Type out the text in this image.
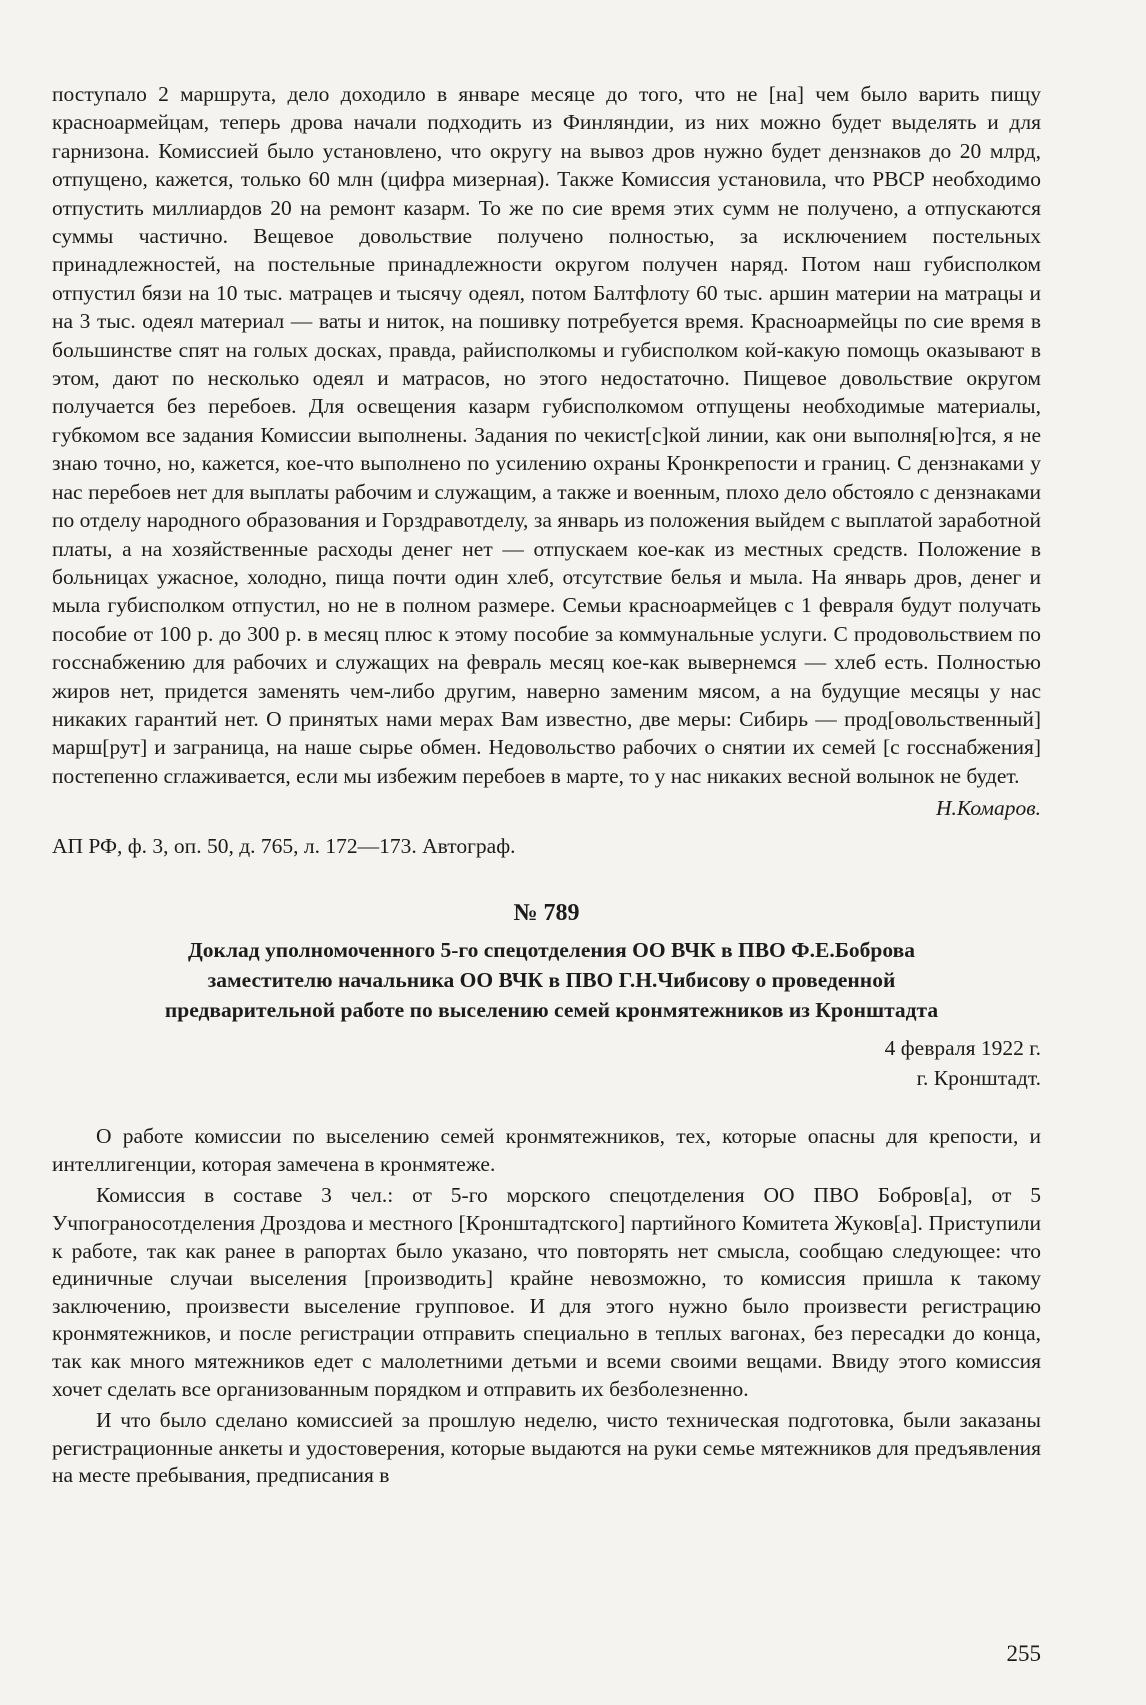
поступало 2 маршрута, дело доходило в январе месяце до того, что не [на] чем было варить пищу красноармейцам, теперь дрова начали подходить из Финляндии, из них можно будет выделять и для гарнизона. Комиссией было установлено, что округу на вывоз дров нужно будет дензнаков до 20 млрд, отпущено, кажется, только 60 млн (цифра мизерная). Также Комиссия установила, что РВСР необходимо отпустить миллиардов 20 на ремонт казарм. То же по сие время этих сумм не получено, а отпускаются суммы частично. Вещевое довольствие получено полностью, за исключением постельных принадлежностей, на постельные принадлежности округом получен наряд. Потом наш губисполком отпустил бязи на 10 тыс. матрацев и тысячу одеял, потом Балтфлоту 60 тыс. аршин материи на матрацы и на 3 тыс. одеял материал — ваты и ниток, на пошивку потребуется время. Красноармейцы по сие время в большинстве спят на голых досках, правда, райисполкомы и губисполком кой-какую помощь оказывают в этом, дают по несколько одеял и матрасов, но этого недостаточно. Пищевое довольствие округом получается без перебоев. Для освещения казарм губисполкомом отпущены необходимые материалы, губкомом все задания Комиссии выполнены. Задания по чекист[с]кой линии, как они выполня[ю]тся, я не знаю точно, но, кажется, кое-что выполнено по усилению охраны Кронкрепости и границ. С дензнаками у нас перебоев нет для выплаты рабочим и служащим, а также и военным, плохо дело обстояло с дензнаками по отделу народного образования и Горздравотделу, за январь из положения выйдем с выплатой заработной платы, а на хозяйственные расходы денег нет — отпускаем кое-как из местных средств. Положение в больницах ужасное, холодно, пища почти один хлеб, отсутствие белья и мыла. На январь дров, денег и мыла губисполком отпустил, но не в полном размере. Семьи красноармейцев с 1 февраля будут получать пособие от 100 р. до 300 р. в месяц плюс к этому пособие за коммунальные услуги. С продовольствием по госснабжению для рабочих и служащих на февраль месяц кое-как вывернемся — хлеб есть. Полностью жиров нет, придется заменять чем-либо другим, наверно заменим мясом, а на будущие месяцы у нас никаких гарантий нет. О принятых нами мерах Вам известно, две меры: Сибирь — прод[овольственный] марш[рут] и заграница, на наше сырье обмен. Недовольство рабочих о снятии их семей [с госснабжения] постепенно сглаживается, если мы избежим перебоев в марте, то у нас никаких весной волынок не будет.

Н.Комаров.

АП РФ, ф. 3, оп. 50, д. 765, л. 172—173. Автограф.

№ 789

Доклад уполномоченного 5-го спецотделения ОО ВЧК в ПВО Ф.Е.Боброва

заместителю начальника ОО ВЧК в ПВО Г.Н.Чибисову о проведенной

предварительной работе по выселению семей кронмятежников из Кронштадта

4 февраля 1922 г.

г. Кронштадт.

О работе комиссии по выселению семей кронмятежников, тех, которые опасны для крепости, и интеллигенции, которая замечена в кронмятеже.

Комиссия в составе 3 чел.: от 5-го морского спецотделения ОО ПВО Бобров[а], от 5 Учпограносотделения Дроздова и местного [Кронштадтского] партийного Комитета Жуков[а]. Приступили к работе, так как ранее в рапортах было указано, что повторять нет смысла, сообщаю следующее: что единичные случаи выселения [производить] крайне невозможно, то комиссия пришла к такому заключению, произвести выселение групповое. И для этого нужно было произвести регистрацию кронмятежников, и после регистрации отправить специально в теплых вагонах, без пересадки до конца, так как много мятежников едет с малолетними детьми и всеми своими вещами. Ввиду этого комиссия хочет сделать все организованным порядком и отправить их безболезненно.

И что было сделано комиссией за прошлую неделю, чисто техническая подготовка, были заказаны регистрационные анкеты и удостоверения, которые выдаются на руки семье мятежников для предъявления на месте пребывания, предписания в

255
